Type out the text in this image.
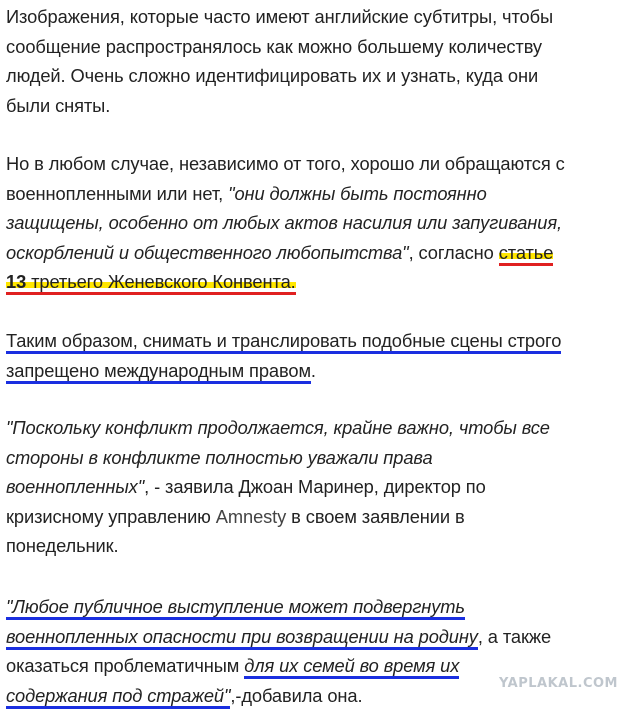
Изображения, которые часто имеют английские субтитры, чтобы
сообщение распространялось как можно большему количеству
людей. Очень сложно идентифицировать их и узнать, куда они
были сняты.

Но в любом случае, независимо от того, хорошо ли обращаются с
военнопленными или нет, "они должны быть постоянно
защищены, особенно от любых актов насилия или запугивания,
оскорблений и общественного любопытства", согласно статье
13 третьего Женевского Конвента.

Таким образом, снимать и транслировать подобные сцены строго
запрещено международным правом.

"Поскольку конфликт продолжается, крайне важно, чтобы все
стороны в конфликте полностью уважали права
военнопленных", - заявила Джоан Маринер, директор по
кризисному управлению Amnesty в своем заявлении в
понедельник.

"Любое публичное выступление может подвергнуть
военнопленных опасности при возвращении на родину, а также
оказаться проблематичным для их семей во время их
содержания под стражей",-добавила она.

YAPLAKAL.COM
